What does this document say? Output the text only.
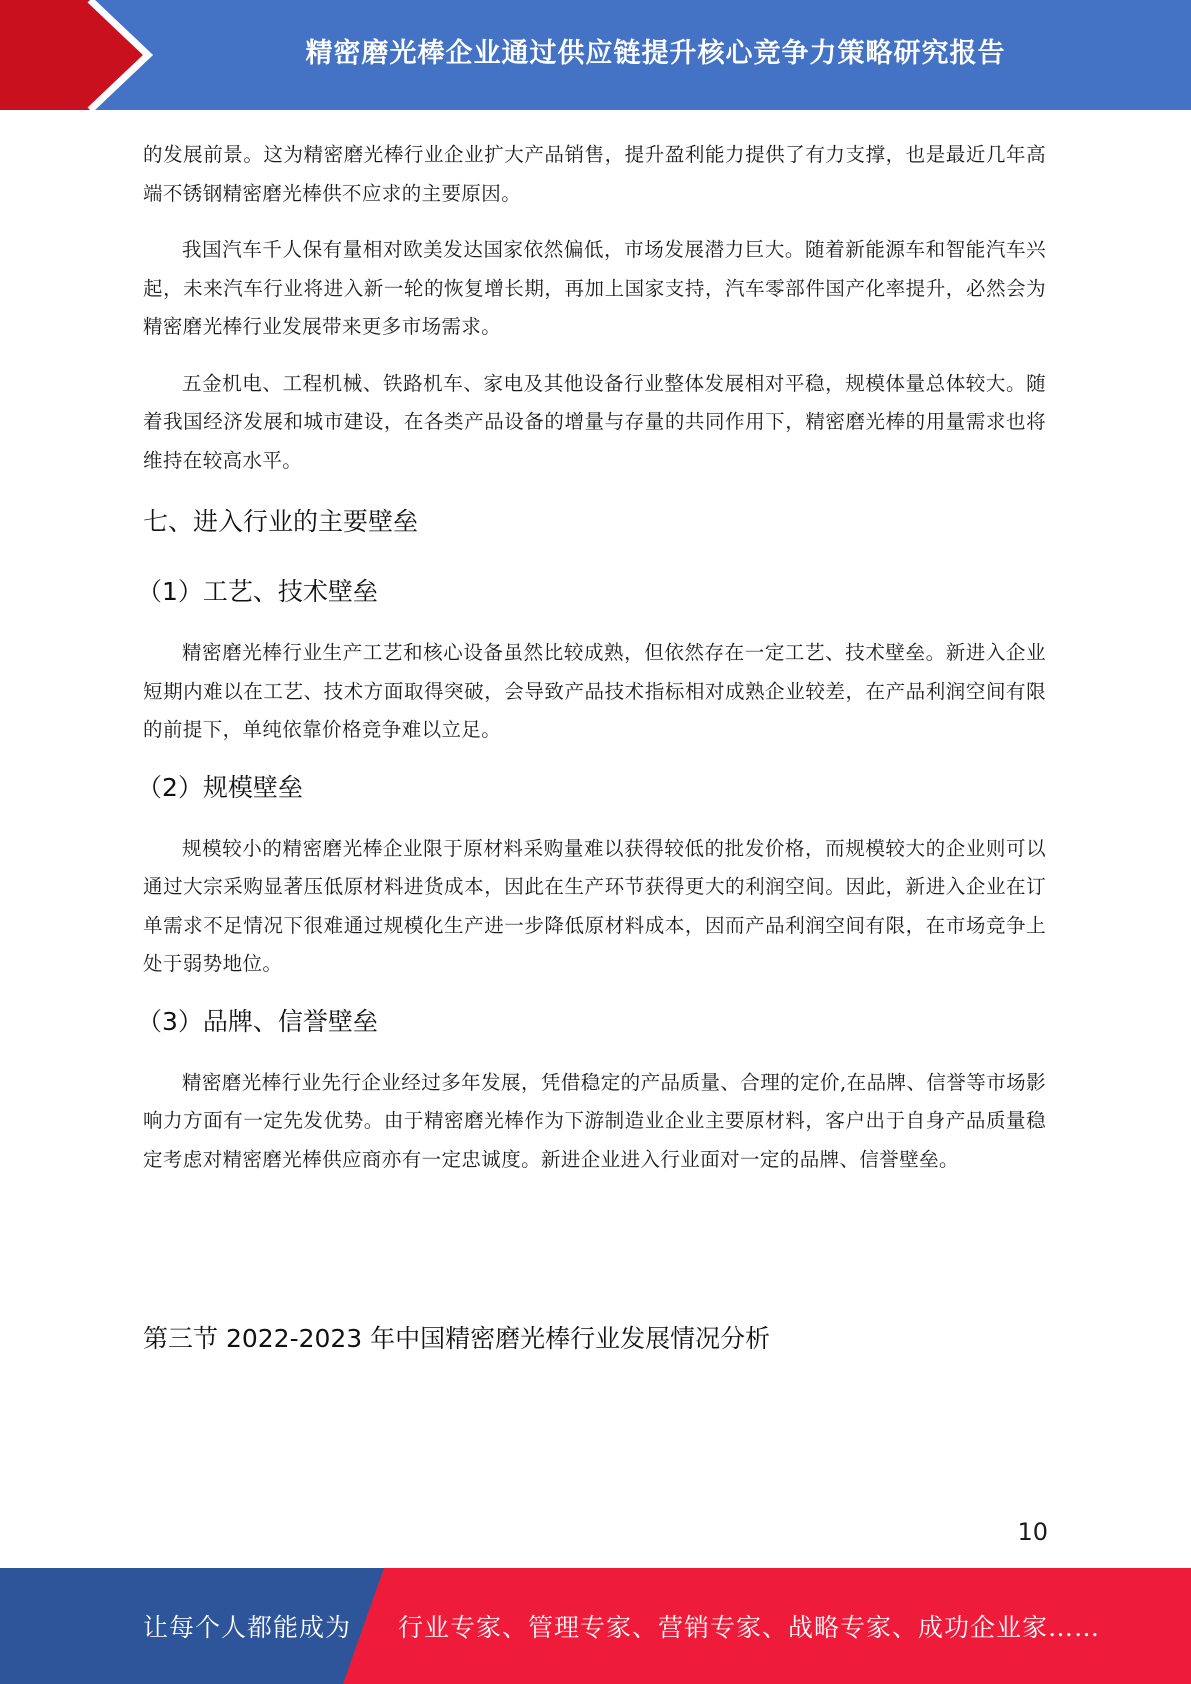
精密磨光棒企业通过供应链提升核心竞争力策略研究报告

的发展前景。这为精密磨光棒行业企业扩大产品销售，提升盈利能力提供了有力支撑，也是最近几年高端不锈钢精密磨光棒供不应求的主要原因。

我国汽车千人保有量相对欧美发达国家依然偏低，市场发展潜力巨大。随着新能源车和智能汽车兴起，未来汽车行业将进入新一轮的恢复增长期，再加上国家支持，汽车零部件国产化率提升，必然会为精密磨光棒行业发展带来更多市场需求。

五金机电、工程机械、铁路机车、家电及其他设备行业整体发展相对平稳，规模体量总体较大。随着我国经济发展和城市建设，在各类产品设备的增量与存量的共同作用下，精密磨光棒的用量需求也将维持在较高水平。

七、进入行业的主要壁垒
（1）工艺、技术壁垒

精密磨光棒行业生产工艺和核心设备虽然比较成熟，但依然存在一定工艺、技术壁垒。新进入企业短期内难以在工艺、技术方面取得突破，会导致产品技术指标相对成熟企业较差，在产品利润空间有限的前提下，单纯依靠价格竞争难以立足。

（2）规模壁垒

规模较小的精密磨光棒企业限于原材料采购量难以获得较低的批发价格，而规模较大的企业则可以通过大宗采购显著压低原材料进货成本，因此在生产环节获得更大的利润空间。因此，新进入企业在订单需求不足情况下很难通过规模化生产进一步降低原材料成本，因而产品利润空间有限，在市场竞争上处于弱势地位。

（3）品牌、信誉壁垒

精密磨光棒行业先行企业经过多年发展，凭借稳定的产品质量、合理的定价,在品牌、信誉等市场影响力方面有一定先发优势。由于精密磨光棒作为下游制造业企业主要原材料，客户出于自身产品质量稳定考虑对精密磨光棒供应商亦有一定忠诚度。新进企业进入行业面对一定的品牌、信誉壁垒。

第三节 2022-2023 年中国精密磨光棒行业发展情况分析
10
让每个人都能成为 行业专家、管理专家、营销专家、战略专家、成功企业家……
